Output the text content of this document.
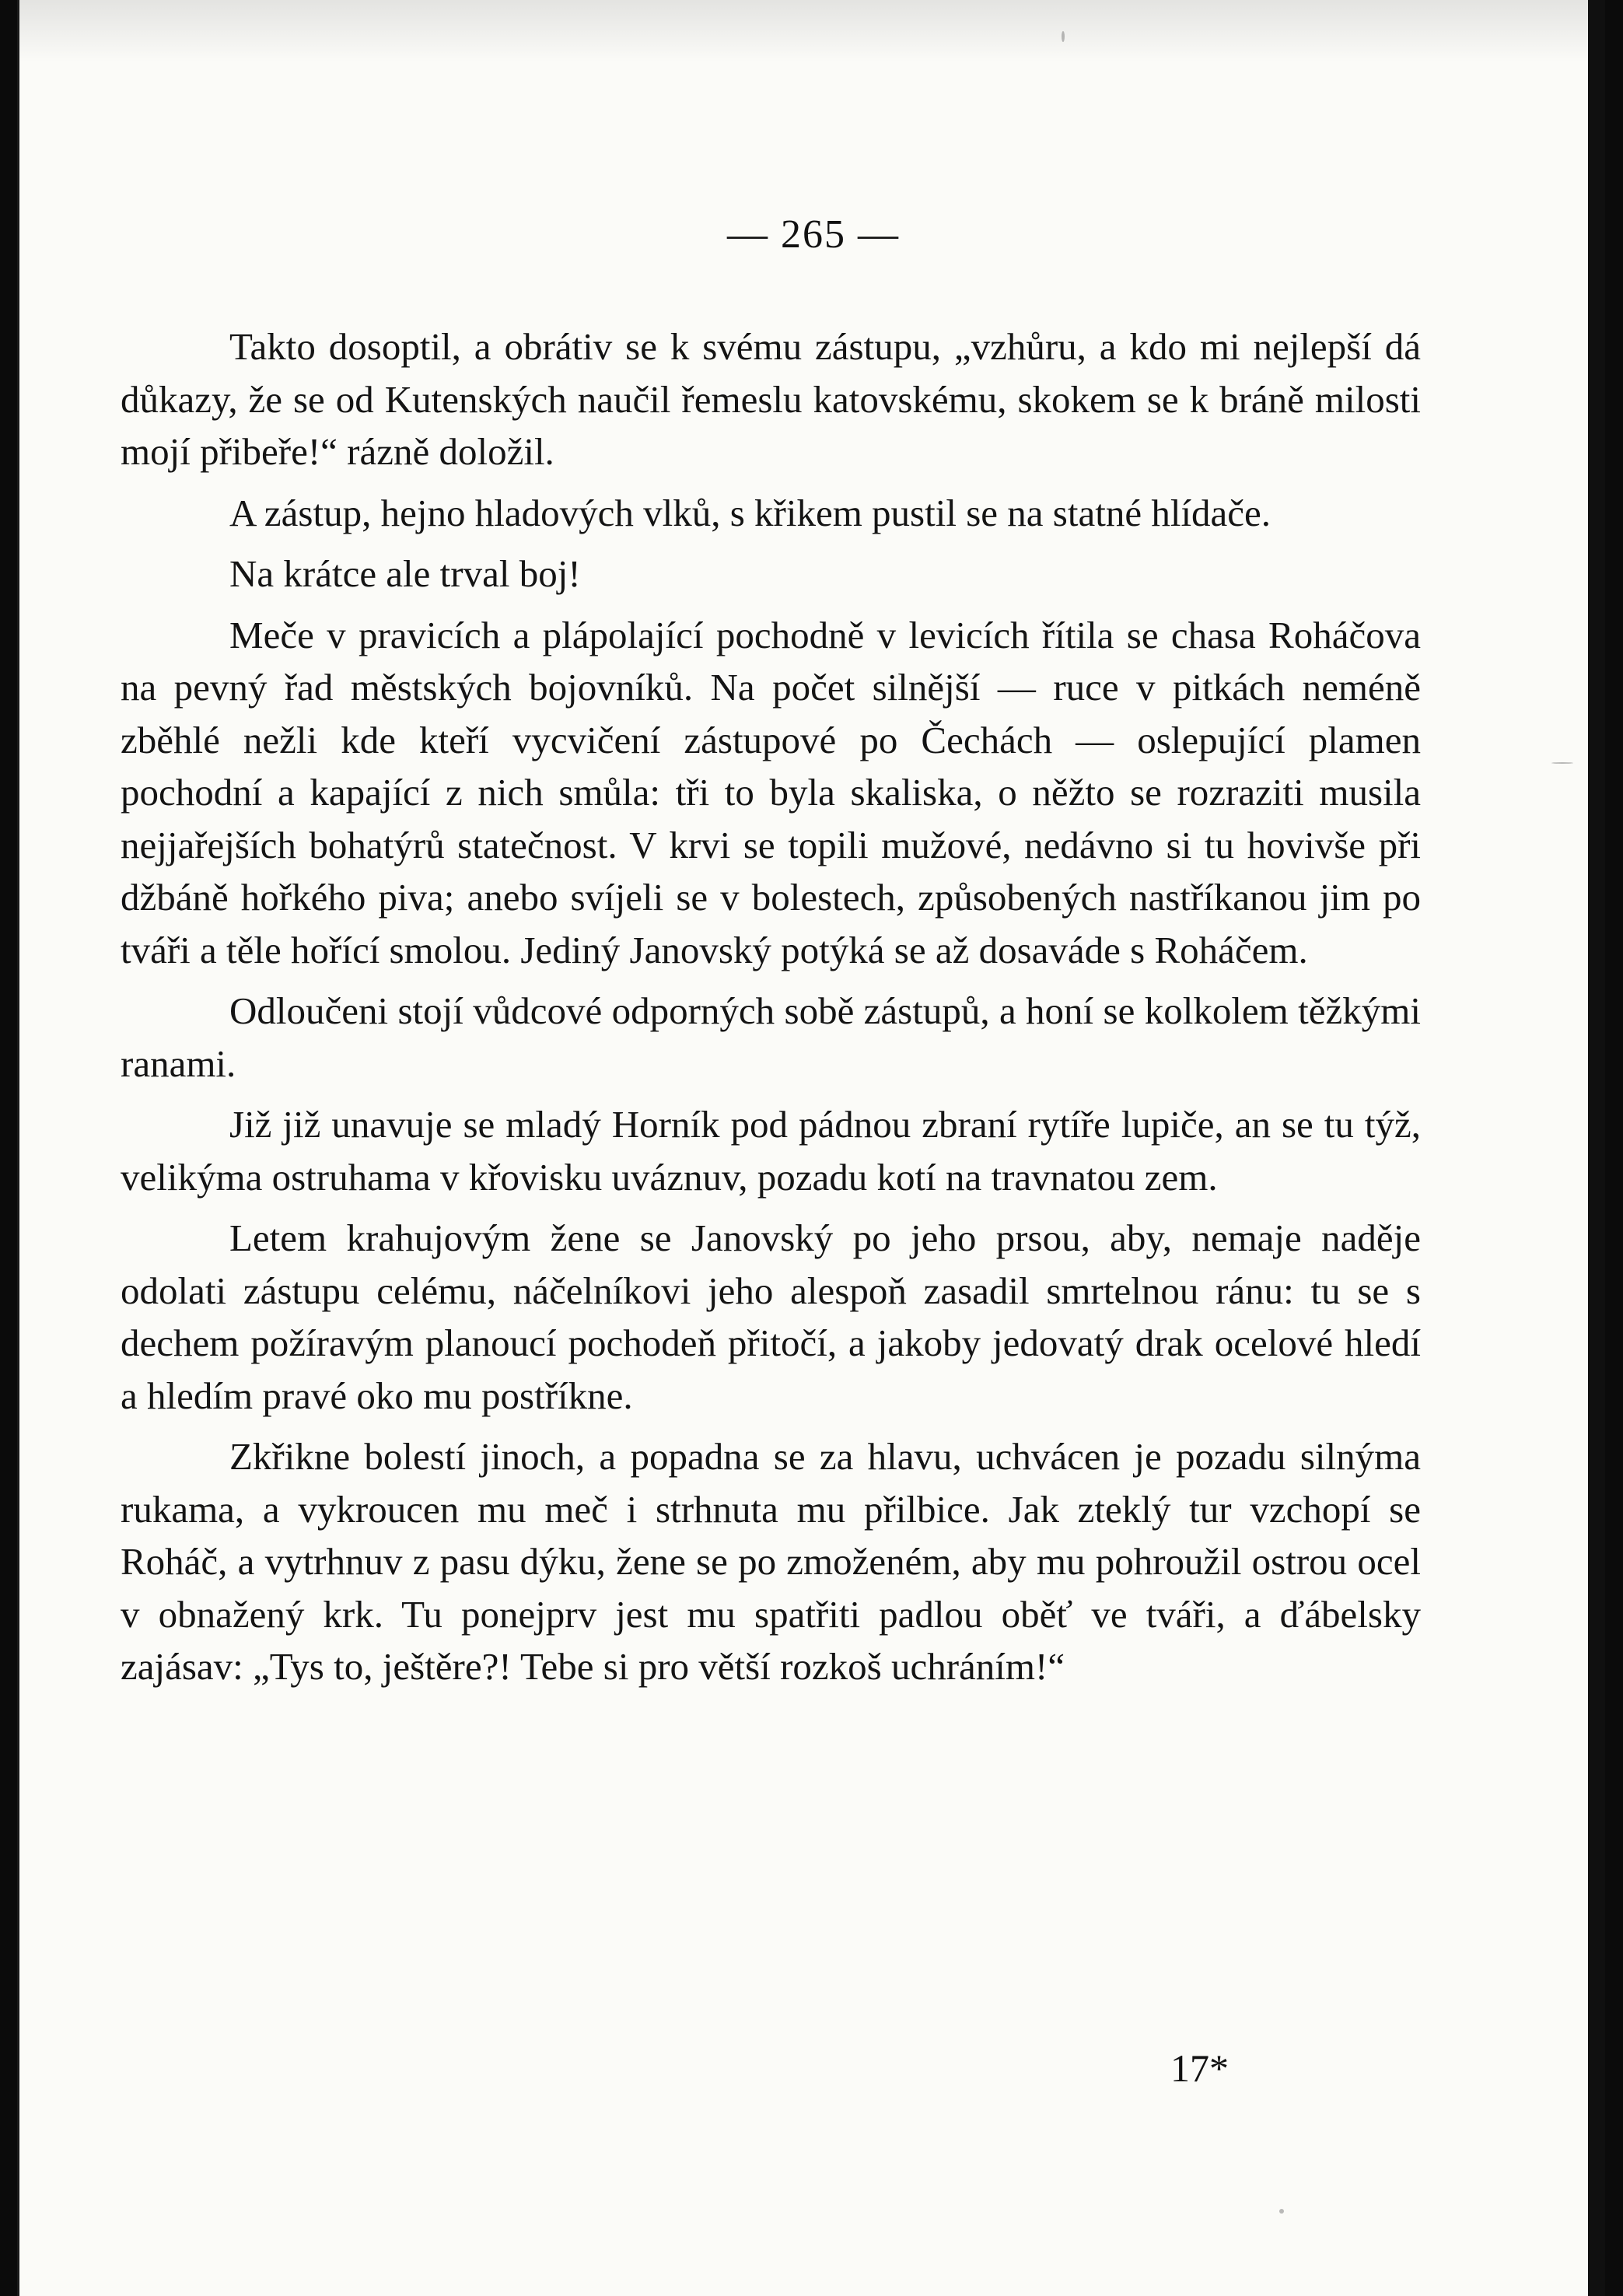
— 265 —

Takto dosoptil, a obrátiv se k svému zástupu, „vzhůru, a kdo mi nejlepší dá důkazy, že se od Kutenských naučil řemeslu katovskému, skokem se k bráně milosti mojí přibeře!“ rázně doložil.

A zástup, hejno hladových vlků, s křikem pustil se na statné hlídače.

Na krátce ale trval boj!

Meče v pravicích a plápolající pochodně v levicích řítila se chasa Roháčova na pevný řad městských bojovníků. Na počet silnější — ruce v pitkách neméně zběhlé nežli kde kteří vycvičení zástupové po Čechách — oslepující plamen pochodní a kapající z nich smůla: tři to byla skaliska, o něžto se rozraziti musila nejjařejších bohatýrů statečnost. V krvi se topili mužové, nedávno si tu hovivše při džbáně hořkého piva; anebo svíjeli se v bolestech, způsobených nastříkanou jim po tváři a těle hořící smolou. Jediný Janovský potýká se až dosaváde s Roháčem.

Odloučeni stojí vůdcové odporných sobě zástupů, a honí se kolkolem těžkými ranami.

Již již unavuje se mladý Horník pod pádnou zbraní rytíře lupiče, an se tu týž, velikýma ostruhama v křovisku uváznuv, pozadu kotí na travnatou zem.

Letem krahujovým žene se Janovský po jeho prsou, aby, nemaje naděje odolati zástupu celému, náčelníkovi jeho alespoň zasadil smrtelnou ránu: tu se s dechem požíravým planoucí pochodeň přitočí, a jakoby jedovatý drak ocelové hledí a hledím pravé oko mu postříkne.

Zkřikne bolestí jinoch, a popadna se za hlavu, uchvácen je pozadu silnýma rukama, a vykroucen mu meč i strhnuta mu přilbice. Jak zteklý tur vzchopí se Roháč, a vytrhnuv z pasu dýku, žene se po zmoženém, aby mu pohroužil ostrou ocel v obnažený krk. Tu ponejprv jest mu spatřiti padlou oběť ve tváři, a ďábelsky zajásav: „Tys to, ještěre?! Tebe si pro větší rozkoš uchráním!“

17*
